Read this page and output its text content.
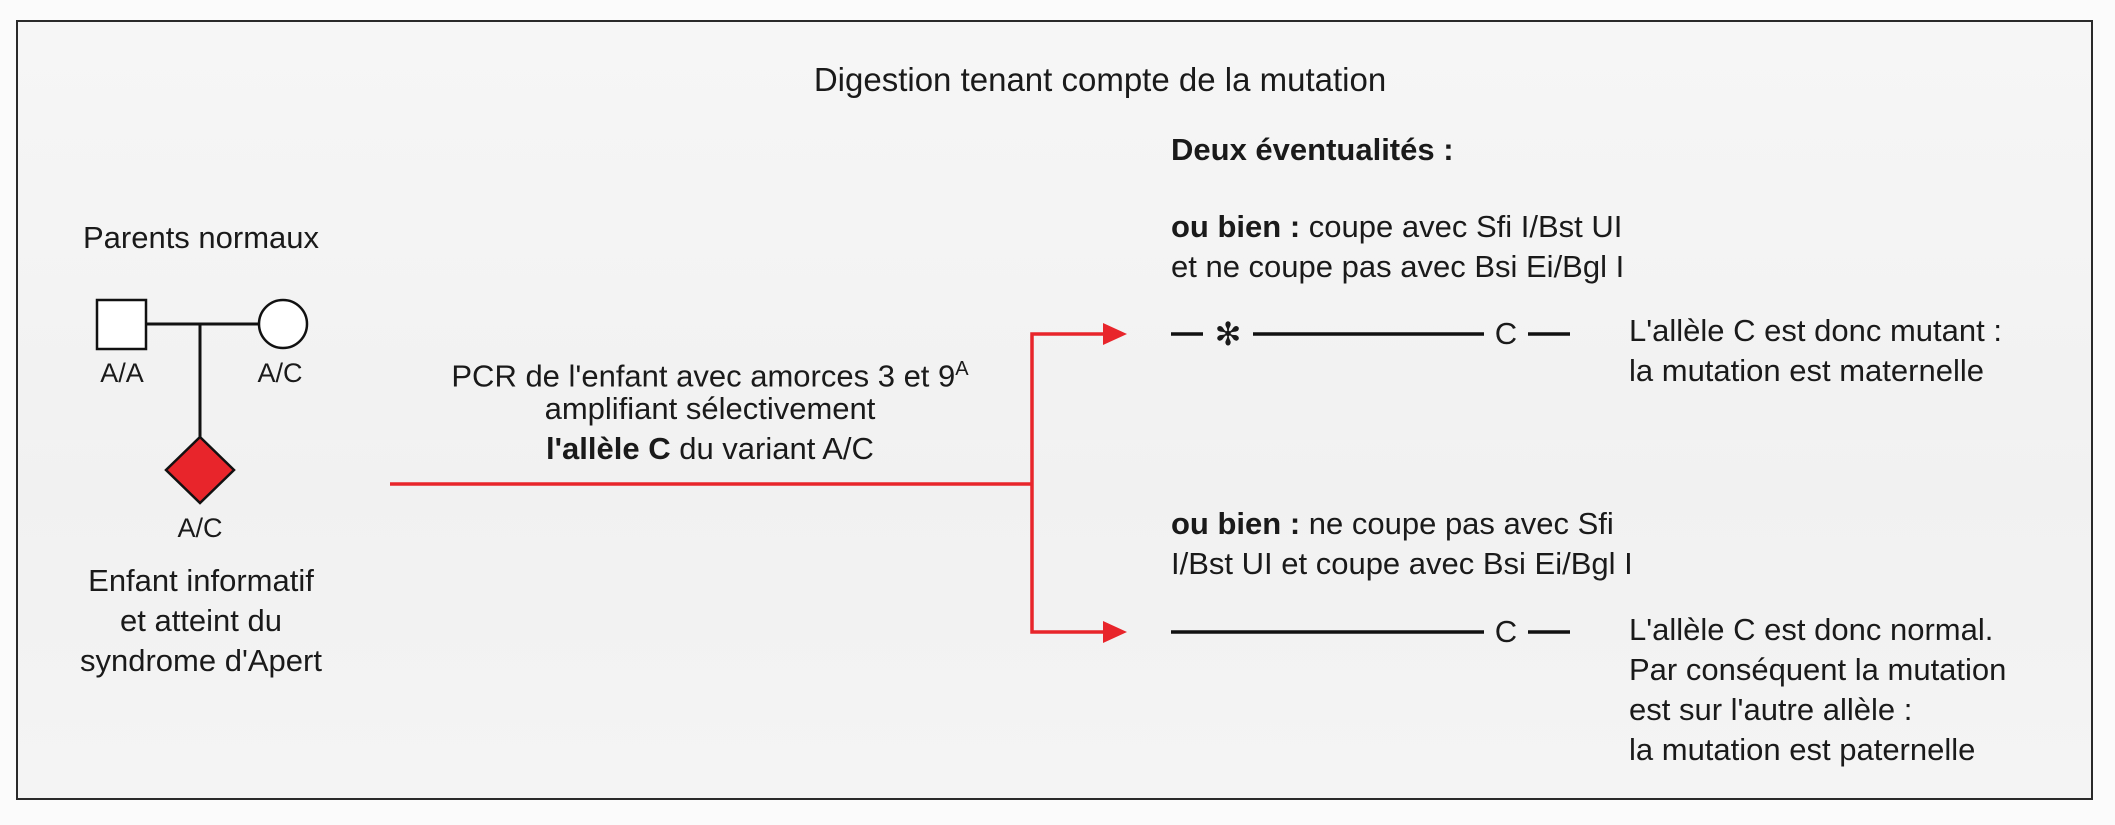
Digestion tenant compte de la mutation
Parents normaux
A/A	A/C
A/C
Enfant informatif
et atteint du
syndrome d'Apert
PCR de l'enfant avec amorces 3 et $9^A$
amplifiant sélectivement
l'allèle C du variant A/C
Deux éventualités :
ou bien : coupe avec Sfi I/Bst UI
et ne coupe pas avec Bsi Ei/Bgl I
✻	C	L'allèle C est donc mutant :
la mutation est maternelle
ou bien : ne coupe pas avec Sfi
I/Bst UI et coupe avec Bsi Ei/Bgl I
C	L'allèle C est donc normal.
Par conséquent la mutation
est sur l'autre allèle :
la mutation est paternelle
